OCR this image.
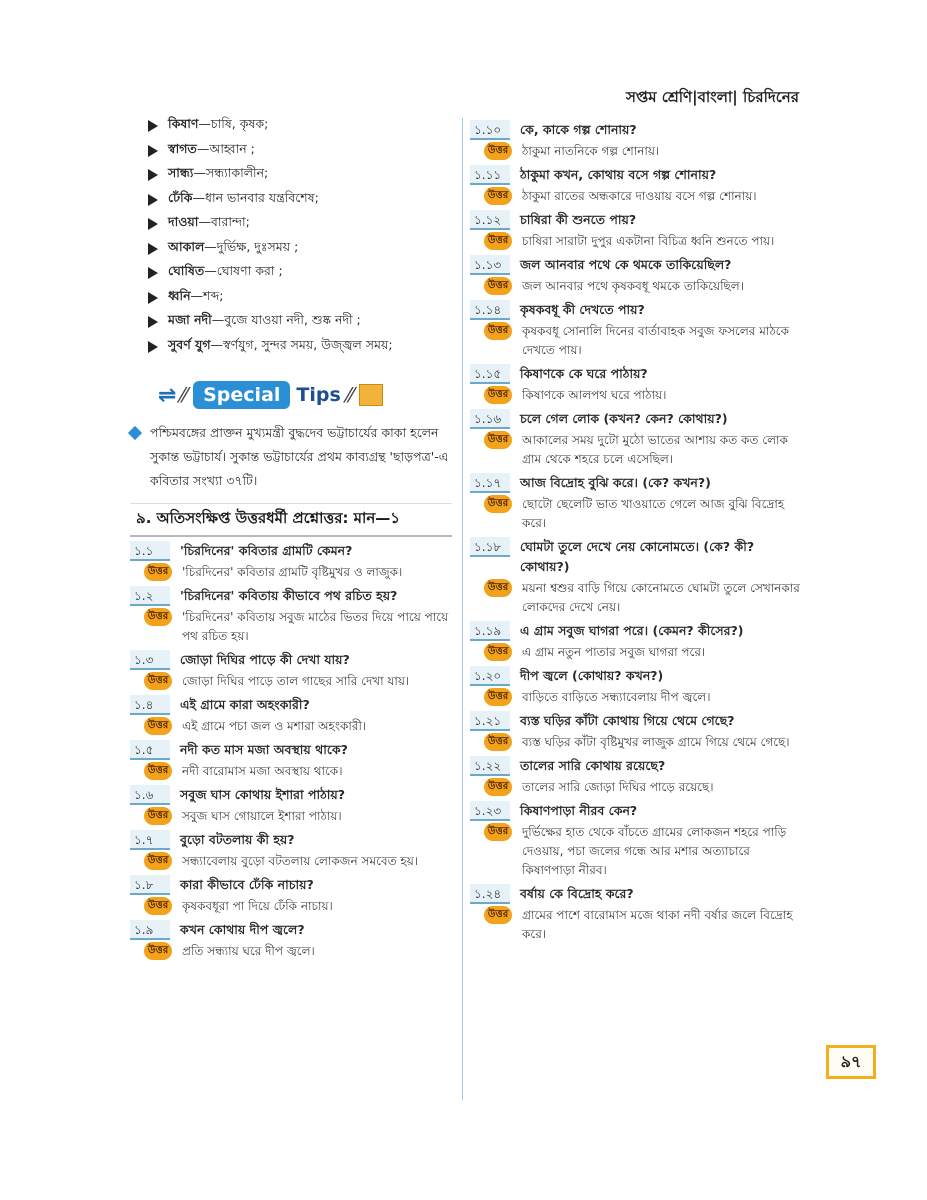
সপ্তম শ্রেণি|বাংলা| চিরদিনের
কিষাণ—চাষি, কৃষক;
স্বাগত—আহ্বান ;
সান্ধ্য—সন্ধ্যাকালীন;
ঢেঁকি—ধান ভানবার যন্ত্রবিশেষ;
দাওয়া—বারান্দা;
আকাল—দুর্ভিক্ষ, দুঃসময় ;
ঘোষিত—ঘোষণা করা ;
ধ্বনি—শব্দ;
মজা নদী—বুজে যাওয়া নদী, শুষ্ক নদী ;
সুবর্ণ যুগ—স্বর্ণযুগ, সুন্দর সময়, উজ্জ্বল সময়;
⇌ ⁄⁄ Special Tips ⁄⁄
পশ্চিমবঙ্গের প্রাক্তন মুখ্যমন্ত্রী বুদ্ধদেব ভট্টাচার্যের কাকা হলেন সুকান্ত ভট্টাচার্য। সুকান্ত ভট্টাচার্যের প্রথম কাব্যগ্রন্থ 'ছাড়পত্র'-এ কবিতার সংখ্যা ৩৭টি।
৯. অতিসংক্ষিপ্ত উত্তরধর্মী প্রশ্নোত্তর: মান—১
১.১	'চিরদিনের' কবিতার গ্রামটি কেমন?
উত্তর	'চিরদিনের' কবিতার গ্রামটি বৃষ্টিমুখর ও লাজুক।
১.২	'চিরদিনের' কবিতায় কীভাবে পথ রচিত হয়?
উত্তর	'চিরদিনের' কবিতায় সবুজ মাঠের ভিতর দিয়ে পায়ে পায়ে পথ রচিত হয়।
১.৩	জোড়া দিঘির পাড়ে কী দেখা যায়?
উত্তর	জোড়া দিঘির পাড়ে তাল গাছের সারি দেখা যায়।
১.৪	এই গ্রামে কারা অহংকারী?
উত্তর	এই গ্রামে পচা জল ও মশারা অহংকারী।
১.৫	নদী কত মাস মজা অবস্থায় থাকে?
উত্তর	নদী বারোমাস মজা অবস্থায় থাকে।
১.৬	সবুজ ঘাস কোথায় ইশারা পাঠায়?
উত্তর	সবুজ ঘাস গোয়ালে ইশারা পাঠায়।
১.৭	বুড়ো বটতলায় কী হয়?
উত্তর	সন্ধ্যাবেলায় বুড়ো বটতলায় লোকজন সমবেত হয়।
১.৮	কারা কীভাবে ঢেঁকি নাচায়?
উত্তর	কৃষকবধূরা পা দিয়ে ঢেঁকি নাচায়।
১.৯	কখন কোথায় দীপ জ্বলে?
উত্তর	প্রতি সন্ধ্যায় ঘরে দীপ জ্বলে।
১.১০	কে, কাকে গল্প শোনায়?
উত্তর	ঠাকুমা নাতনিকে গল্প শোনায়।
১.১১	ঠাকুমা কখন, কোথায় বসে গল্প শোনায়?
উত্তর	ঠাকুমা রাতের অন্ধকারে দাওয়ায় বসে গল্প শোনায়।
১.১২	চাষিরা কী শুনতে পায়?
উত্তর	চাষিরা সারাটা দুপুর একটানা বিচিত্র ধ্বনি শুনতে পায়।
১.১৩	জল আনবার পথে কে থমকে তাকিয়েছিল?
উত্তর	জল আনবার পথে কৃষকবধূ থমকে তাকিয়েছিল।
১.১৪	কৃষকবধূ কী দেখতে পায়?
উত্তর	কৃষকবধূ সোনালি দিনের বার্তাবাহক সবুজ ফসলের মাঠকে দেখতে পায়।
১.১৫	কিষাণকে কে ঘরে পাঠায়?
উত্তর	কিষাণকে আলপথ ঘরে পাঠায়।
১.১৬	চলে গেল লোক (কখন? কেন? কোথায়?)
উত্তর	আকালের সময় দুটো মুঠো ভাতের আশায় কত কত লোক গ্রাম থেকে শহরে চলে এসেছিল।
১.১৭	আজ বিদ্রোহ বুঝি করে। (কে? কখন?)
উত্তর	ছোটো ছেলেটি ভাত খাওয়াতে গেলে আজ বুঝি বিদ্রোহ করে।
১.১৮	ঘোমটা তুলে দেখে নেয় কোনোমতে। (কে? কী? কোথায়?)
উত্তর	ময়না শ্বশুর বাড়ি গিয়ে কোনোমতে ঘোমটা তুলে সেখানকার লোকদের দেখে নেয়।
১.১৯	এ গ্রাম সবুজ ঘাগরা পরে। (কেমন? কীসের?)
উত্তর	এ গ্রাম নতুন পাতার সবুজ ঘাগরা পরে।
১.২০	দীপ জ্বলে (কোথায়? কখন?)
উত্তর	বাড়িতে বাড়িতে সন্ধ্যাবেলায় দীপ জ্বলে।
১.২১	ব্যস্ত ঘড়ির কাঁটা কোথায় গিয়ে থেমে গেছে?
উত্তর	ব্যস্ত ঘড়ির কাঁটা বৃষ্টিমুখর লাজুক গ্রামে গিয়ে থেমে গেছে।
১.২২	তালের সারি কোথায় রয়েছে?
উত্তর	তালের সারি জোড়া দিঘির পাড়ে রয়েছে।
১.২৩	কিষাণপাড়া নীরব কেন?
উত্তর	দুর্ভিক্ষের হাত থেকে বাঁচতে গ্রামের লোকজন শহরে পাড়ি দেওয়ায়, পচা জলের গন্ধে আর মশার অত্যাচারে কিষাণপাড়া নীরব।
১.২৪	বর্ষায় কে বিদ্রোহ করে?
উত্তর	গ্রামের পাশে বারোমাস মজে থাকা নদী বর্ষার জলে বিদ্রোহ করে।
৯৭
